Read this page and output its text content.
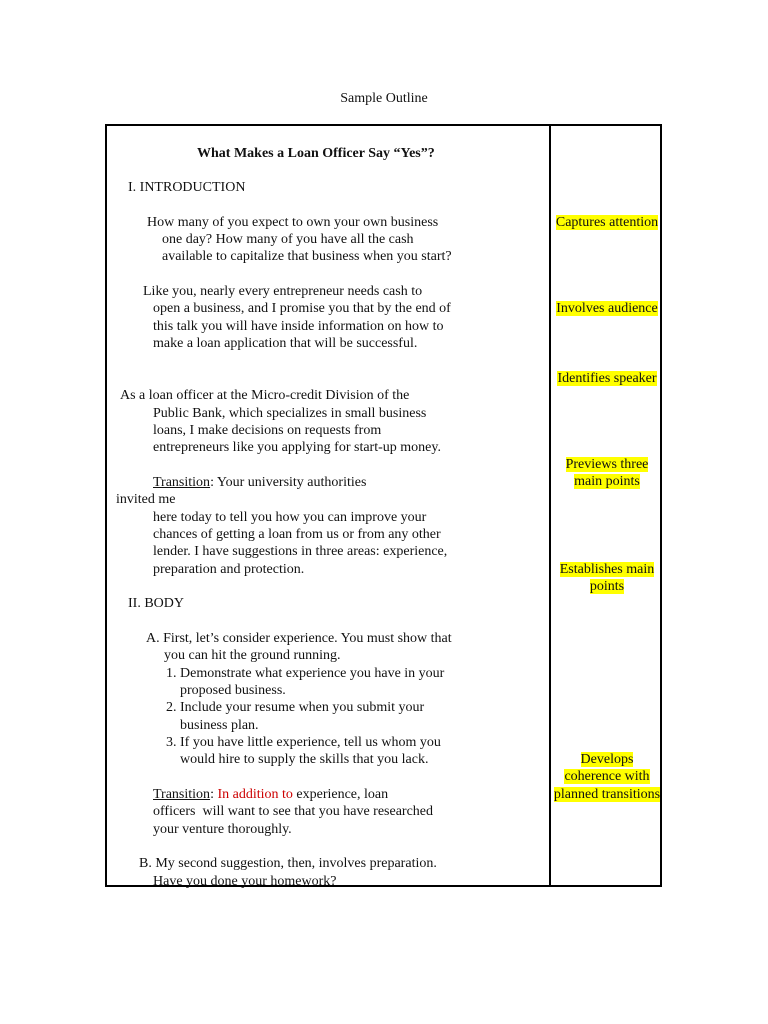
Sample Outline
What Makes a Loan Officer Say “Yes”?
I. INTRODUCTION
How many of you expect to own your own business
one day? How many of you have all the cash
available to capitalize that business when you start?
Like you, nearly every entrepreneur needs cash to
open a business, and I promise you that by the end of
this talk you will have inside information on how to
make a loan application that will be successful.
As a loan officer at the Micro-credit Division of the
Public Bank, which specializes in small business
loans, I make decisions on requests from
entrepreneurs like you applying for start-up money.
Transition: Your university authorities
invited me
here today to tell you how you can improve your
chances of getting a loan from us or from any other
lender. I have suggestions in three areas: experience,
preparation and protection.
II. BODY
A. First, let’s consider experience. You must show that
you can hit the ground running.
1. Demonstrate what experience you have in your
proposed business.
2. Include your resume when you submit your
business plan.
3. If you have little experience, tell us whom you
would hire to supply the skills that you lack.
Transition: In addition to experience, loan
officers  will want to see that you have researched
your venture thoroughly.
B. My second suggestion, then, involves preparation.
Have you done your homework?
Captures attention
Involves audience
Identifies speaker
Previews three main points
Establishes main points
Develops coherence with planned transitions
